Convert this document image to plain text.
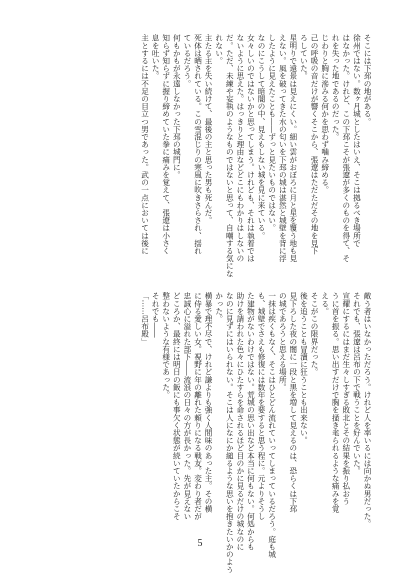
そこには下邳の地がある。
徐州ではない。数ヶ月城としたはいえ、そこは拠るべき場所で
はなかった。けれど、この下邳こそが張遼が多くのものを得て、そ
れを失った地であるのだった。
じわりと胸に滲みる何かを思わず噛み締める。
己の呼吸の音だけが響くそこから、張遼はただただその地を見下
ろしていた。
星明りで遠景は見えにくい。細い雲がおぼろに月と星を覆う地も見
えない。風を破ってきた水の匂いを下邳の城は湛然と城壁を背に浮
したように見えたことも――ずっと見たいものではない。
なのにこうして暗闇の中、見えもしない城を見に来ている。
女々しいのではないかと思ってしまう。けれども、それは執着では
ないように思えた。はっきりと理由などどこにもわかりはしないの
だ。ただ、未練や妄執のようなものではないと思って、自嘲する気にな
れない。
主たる主を失い続けて、最後の主と思った男も死んだ。
死体は晒されている。この雪混じりの寒風に吹きさらされ、揺れ
ているだろう。
何もかもが永遠しなかった下邳の城門に。
知らず知らずに握り締めていた拳に痛みを覚えて、張遼は小さく
息を吐いた。
主とするには不足の目立つ男であった。武の一点においては後に
敵う者はいなかっただろう。けれど人を率いるには向かぬ男だった。
それでも、張遼は呂布の下で戦うことを好んでいた。
宣耀にするにはまだ生々しすぎる敗北とその結果を振り払おう
うに首を振る。思い出すだけで胸を掻き毟られるような痛みを覚
える。
そこがこの限界だった。
後を追うことも冒瀆に狂うことも出来ない。
見下ろした夜の闇に一段と黒を増して見えるのは、恐らくは下邳
の城であろうと思える場所。
一抹は疾くもなく、そこはひとどん流れていってしまっているだろう。庭も城
も、城壁でさえも修復には数年を要すると思う程に。元よりそうし
た建物がないわけではない。荒城の思い出など本当に何もない。何処からも
助けを請われた色々にひたすらを命されるほど目のかに見るだけの城なのに
なのに見ずにはいられない。そこは人になにか縋るような思いを抱きたいかのよう
かった。
横暴で理不尽で、けれど謙よりも強く人間味のあった主。その横
に侍る愛しい女。視野に年の離れた頼りになる戦友。変わり者だが
忠誠心に溢れた部下――流浪の日々の方が長かった。先が見えない
どころか、最終には明日の飯にも事欠く状態が続いていたからこそ
整わないような有様であった。
それでも――
「……呂布殿」
5
